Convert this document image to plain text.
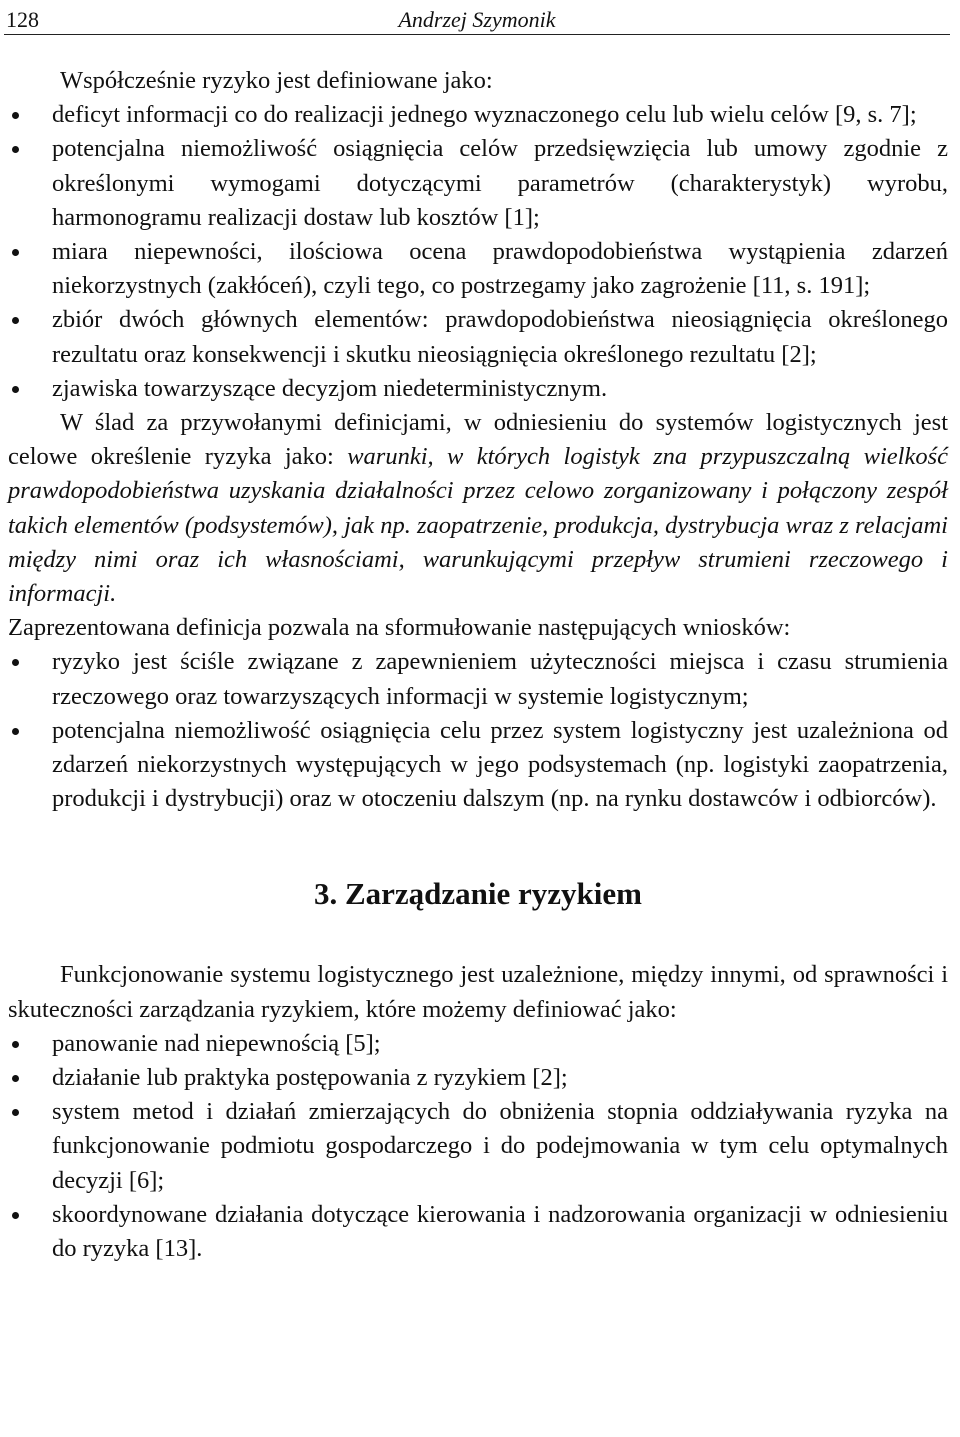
128	Andrzej Szymonik

Współcześnie ryzyko jest definiowane jako:

deficyt informacji co do realizacji jednego wyznaczonego celu lub wielu celów [9, s. 7];
potencjalna niemożliwość osiągnięcia celów przedsięwzięcia lub umowy zgodnie z określonymi wymogami dotyczącymi parametrów (charakterystyk) wyrobu, harmonogramu realizacji dostaw lub kosztów [1];
miara niepewności, ilościowa ocena prawdopodobieństwa wystąpienia zdarzeń niekorzystnych (zakłóceń), czyli tego, co postrzegamy jako zagrożenie [11, s. 191];
zbiór dwóch głównych elementów: prawdopodobieństwa nieosiągnięcia określonego rezultatu oraz konsekwencji i skutku nieosiągnięcia określonego rezultatu [2];
zjawiska towarzyszące decyzjom niedeterministycznym.

W ślad za przywołanymi definicjami, w odniesieniu do systemów logistycznych jest celowe określenie ryzyka jako: warunki, w których logistyk zna przypuszczalną wielkość prawdopodobieństwa uzyskania działalności przez celowo zorganizowany i połączony zespół takich elementów (podsystemów), jak np. zaopatrzenie, produkcja, dystrybucja wraz z relacjami między nimi oraz ich własnościami, warunkującymi przepływ strumieni rzeczowego i informacji.

Zaprezentowana definicja pozwala na sformułowanie następujących wniosków:

ryzyko jest ściśle związane z zapewnieniem użyteczności miejsca i czasu strumienia rzeczowego oraz towarzyszących informacji w systemie logistycznym;
potencjalna niemożliwość osiągnięcia celu przez system logistyczny jest uzależniona od zdarzeń niekorzystnych występujących w jego podsystemach (np. logistyki zaopatrzenia, produkcji i dystrybucji) oraz w otoczeniu dalszym (np. na rynku dostawców i odbiorców).
3. Zarządzanie ryzykiem

Funkcjonowanie systemu logistycznego jest uzależnione, między innymi, od sprawności i skuteczności zarządzania ryzykiem, które możemy definiować jako:

panowanie nad niepewnością [5];
działanie lub praktyka postępowania z ryzykiem [2];
system metod i działań zmierzających do obniżenia stopnia oddziaływania ryzyka na funkcjonowanie podmiotu gospodarczego i do podejmowania w tym celu optymalnych decyzji [6];
skoordynowane działania dotyczące kierowania i nadzorowania organizacji w odniesieniu do ryzyka [13].
